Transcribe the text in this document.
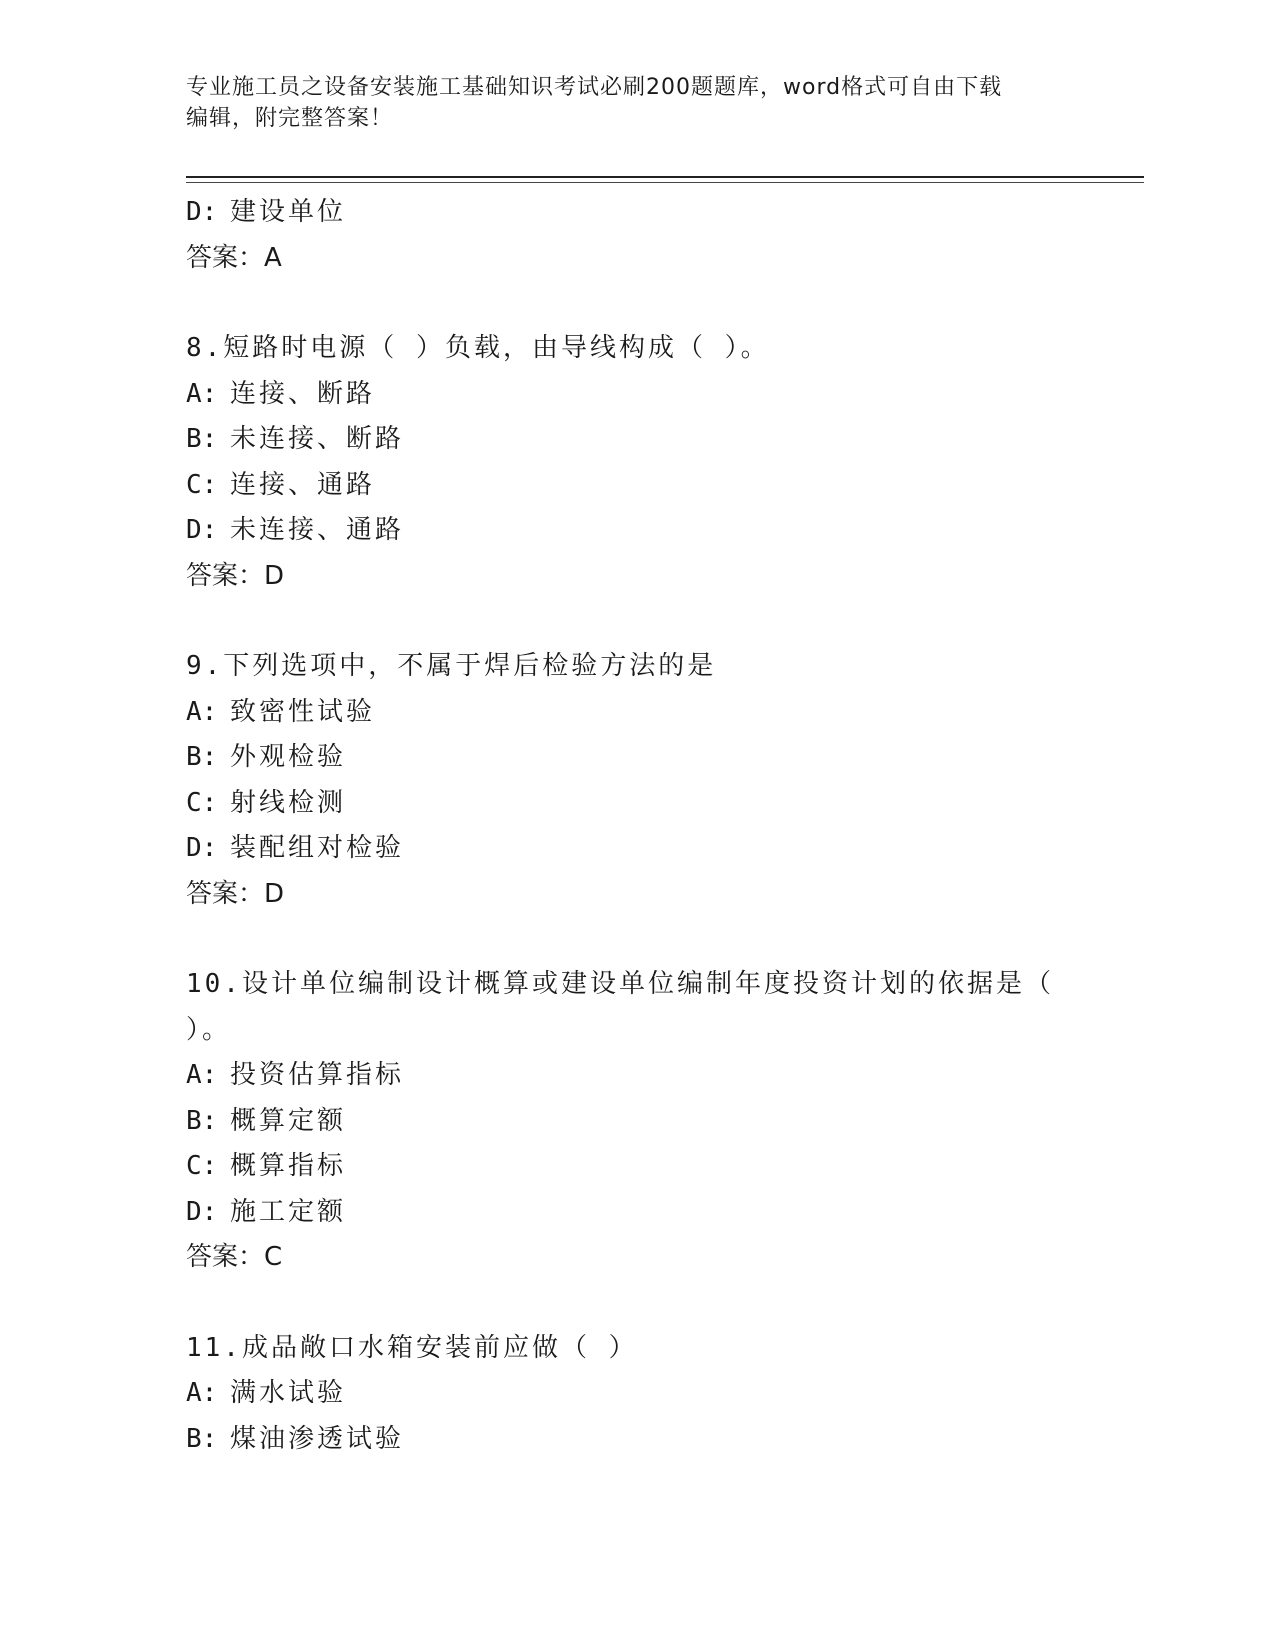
专业施工员之设备安装施工基础知识考试必刷200题题库，word格式可自由下载
编辑，附完整答案！
D: 建设单位
答案：A
8.短路时电源（ ）负载，由导线构成（ ）。
A: 连接、断路
B: 未连接、断路
C: 连接、通路
D: 未连接、通路
答案：D
9.下列选项中，不属于焊后检验方法的是
A: 致密性试验
B: 外观检验
C: 射线检测
D: 装配组对检验
答案：D
10.设计单位编制设计概算或建设单位编制年度投资计划的依据是（
）。
A: 投资估算指标
B: 概算定额
C: 概算指标
D: 施工定额
答案：C
11.成品敞口水箱安装前应做（ ）
A: 满水试验
B: 煤油渗透试验
